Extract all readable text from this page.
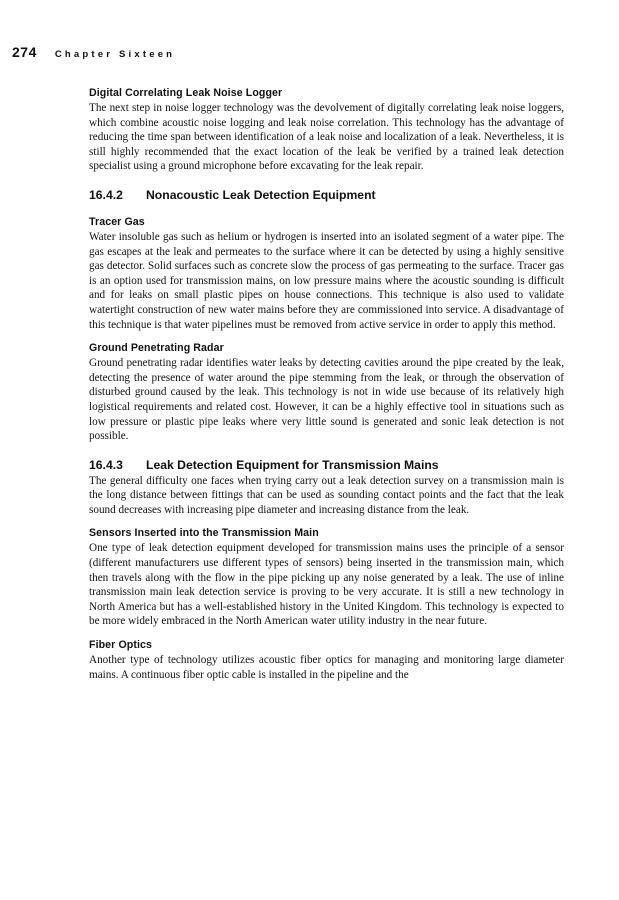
274 Chapter Sixteen
Digital Correlating Leak Noise Logger

The next step in noise logger technology was the devolvement of digitally correlating leak noise loggers, which combine acoustic noise logging and leak noise correlation. This technology has the advantage of reducing the time span between identification of a leak noise and localization of a leak. Nevertheless, it is still highly recommended that the exact location of the leak be verified by a trained leak detection specialist using a ground microphone before excavating for the leak repair.

16.4.2 Nonacoustic Leak Detection Equipment
Tracer Gas

Water insoluble gas such as helium or hydrogen is inserted into an isolated segment of a water pipe. The gas escapes at the leak and permeates to the surface where it can be detected by using a highly sensitive gas detector. Solid surfaces such as concrete slow the process of gas permeating to the surface. Tracer gas is an option used for transmission mains, on low pressure mains where the acoustic sounding is difficult and for leaks on small plastic pipes on house connections. This technique is also used to validate watertight construction of new water mains before they are commissioned into service. A disadvantage of this technique is that water pipelines must be removed from active service in order to apply this method.

Ground Penetrating Radar

Ground penetrating radar identifies water leaks by detecting cavities around the pipe created by the leak, detecting the presence of water around the pipe stemming from the leak, or through the observation of disturbed ground caused by the leak. This technology is not in wide use because of its relatively high logistical requirements and related cost. However, it can be a highly effective tool in situations such as low pressure or plastic pipe leaks where very little sound is generated and sonic leak detection is not possible.

16.4.3 Leak Detection Equipment for Transmission Mains

The general difficulty one faces when trying carry out a leak detection survey on a transmission main is the long distance between fittings that can be used as sounding contact points and the fact that the leak sound decreases with increasing pipe diameter and increasing distance from the leak.

Sensors Inserted into the Transmission Main

One type of leak detection equipment developed for transmission mains uses the principle of a sensor (different manufacturers use different types of sensors) being inserted in the transmission main, which then travels along with the flow in the pipe picking up any noise generated by a leak. The use of inline transmission main leak detection service is proving to be very accurate. It is still a new technology in North America but has a well-established history in the United Kingdom. This technology is expected to be more widely embraced in the North American water utility industry in the near future.

Fiber Optics

Another type of technology utilizes acoustic fiber optics for managing and monitoring large diameter mains. A continuous fiber optic cable is installed in the pipeline and the
